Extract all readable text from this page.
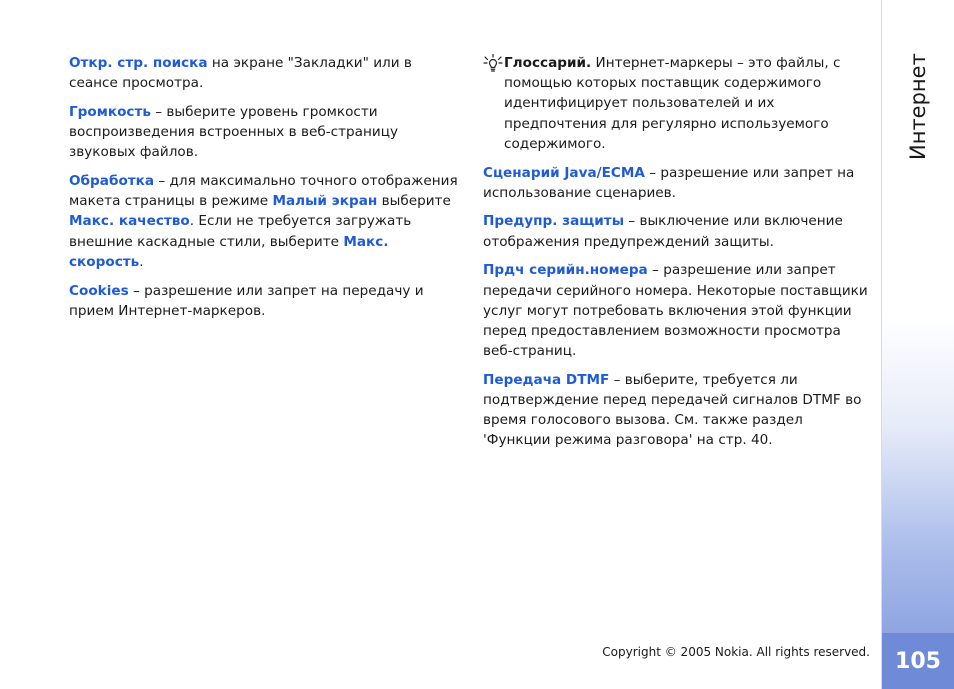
Откр. стр. поиска на экране "Закладки" или в сеансе просмотра.

Громкость – выберите уровень громкости воспроизведения встроенных в веб-страницу звуковых файлов.

Обработка – для максимально точного отображения макета страницы в режиме Малый экран выберите Макс. качество. Если не требуется загружать внешние каскадные стили, выберите Макс. скорость.

Cookies – разрешение или запрет на передачу и прием Интернет-маркеров.

Глоссарий. Интернет-маркеры – это файлы, с помощью которых поставщик содержимого идентифицирует пользователей и их предпочтения для регулярно используемого содержимого.

Сценарий Java/ECMA – разрешение или запрет на использование сценариев.

Предупр. защиты – выключение или включение отображения предупреждений защиты.

Прдч серийн.номера – разрешение или запрет передачи серийного номера. Некоторые поставщики услуг могут потребовать включения этой функции перед предоставлением возможности просмотра веб-страниц.

Передача DTMF – выберите, требуется ли подтверждение перед передачей сигналов DTMF во время голосового вызова. См. также раздел 'Функции режима разговора' на стр. 40.

Интернет
105
Copyright © 2005 Nokia. All rights reserved.
